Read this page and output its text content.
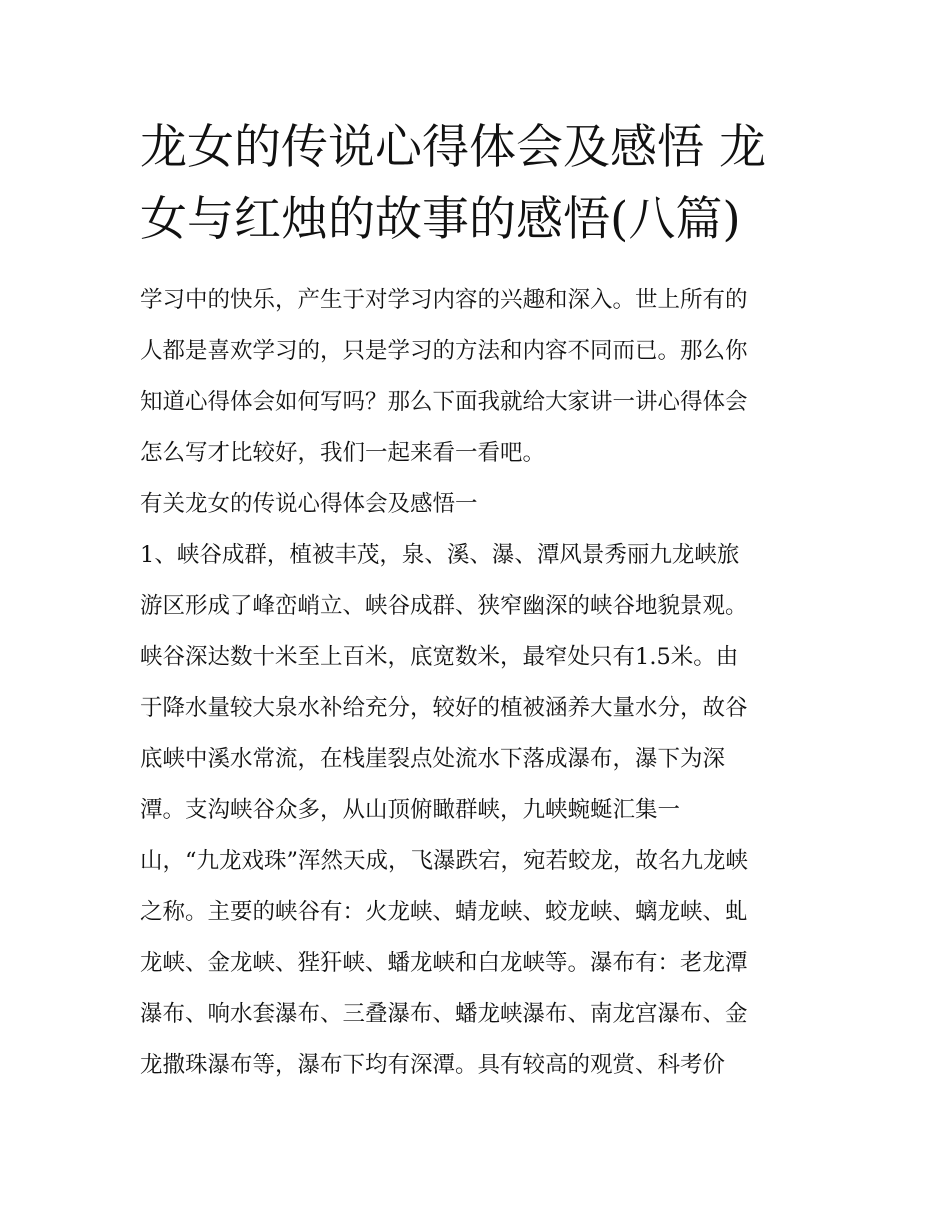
龙女的传说心得体会及感悟 龙
女与红烛的故事的感悟(八篇)
学习中的快乐，产生于对学习内容的兴趣和深入。世上所有的
人都是喜欢学习的，只是学习的方法和内容不同而已。那么你
知道心得体会如何写吗？那么下面我就给大家讲一讲心得体会
怎么写才比较好，我们一起来看一看吧。
有关龙女的传说心得体会及感悟一
1、峡谷成群，植被丰茂，泉、溪、瀑、潭风景秀丽九龙峡旅
游区形成了峰峦峭立、峡谷成群、狭窄幽深的峡谷地貌景观。
峡谷深达数十米至上百米，底宽数米，最窄处只有1.5米。由
于降水量较大泉水补给充分，较好的植被涵养大量水分，故谷
底峡中溪水常流，在栈崖裂点处流水下落成瀑布，瀑下为深
潭。支沟峡谷众多，从山顶俯瞰群峡，九峡蜿蜒汇集一
山，“九龙戏珠”浑然天成，飞瀑跌宕，宛若蛟龙，故名九龙峡
之称。主要的峡谷有：火龙峡、蜻龙峡、蛟龙峡、螭龙峡、虬
龙峡、金龙峡、狴犴峡、蟠龙峡和白龙峡等。瀑布有：老龙潭
瀑布、响水套瀑布、三叠瀑布、蟠龙峡瀑布、南龙宫瀑布、金
龙撒珠瀑布等，瀑布下均有深潭。具有较高的观赏、科考价
